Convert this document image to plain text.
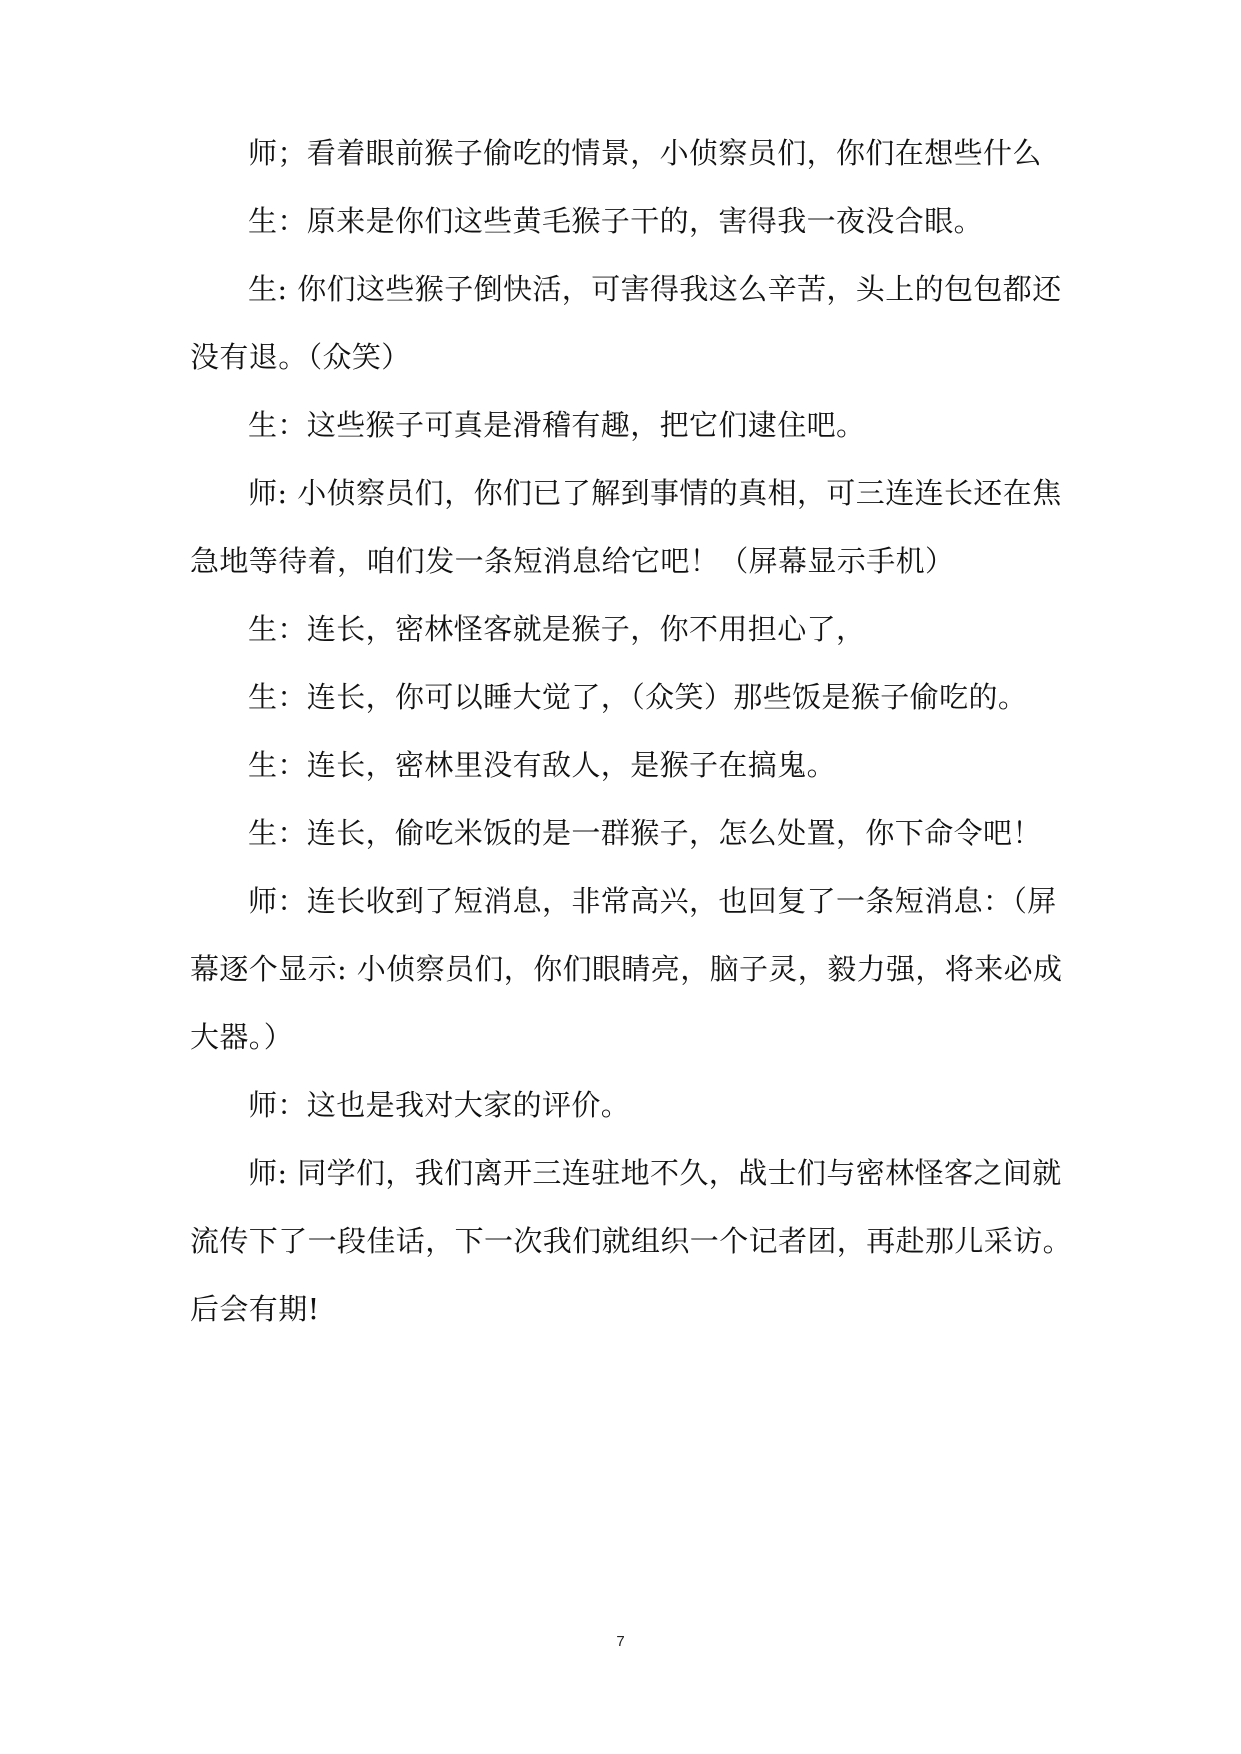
师；看着眼前猴子偷吃的情景，小侦察员们，你们在想些什么
生：原来是你们这些黄毛猴子干的，害得我一夜没合眼。
生: 你们这些猴子倒快活，可害得我这么辛苦，头上的包包都还
没有退。（众笑）
生：这些猴子可真是滑稽有趣，把它们逮住吧。
师: 小侦察员们，你们已了解到事情的真相，可三连连长还在焦
急地等待着，咱们发一条短消息给它吧！（屏幕显示手机）
生：连长，密林怪客就是猴子，你不用担心了，
生：连长，你可以睡大觉了，（众笑）那些饭是猴子偷吃的。
生：连长，密林里没有敌人，是猴子在搞鬼。
生：连长，偷吃米饭的是一群猴子，怎么处置，你下命令吧！
师：连长收到了短消息，非常高兴，也回复了一条短消息：（屏
幕逐个显示: 小侦察员们，你们眼睛亮，脑子灵，毅力强，将来必成
大器。）
师：这也是我对大家的评价。
师: 同学们，我们离开三连驻地不久，战士们与密林怪客之间就
流传下了一段佳话，下一次我们就组织一个记者团，再赴那儿采访。
后会有期!
7
